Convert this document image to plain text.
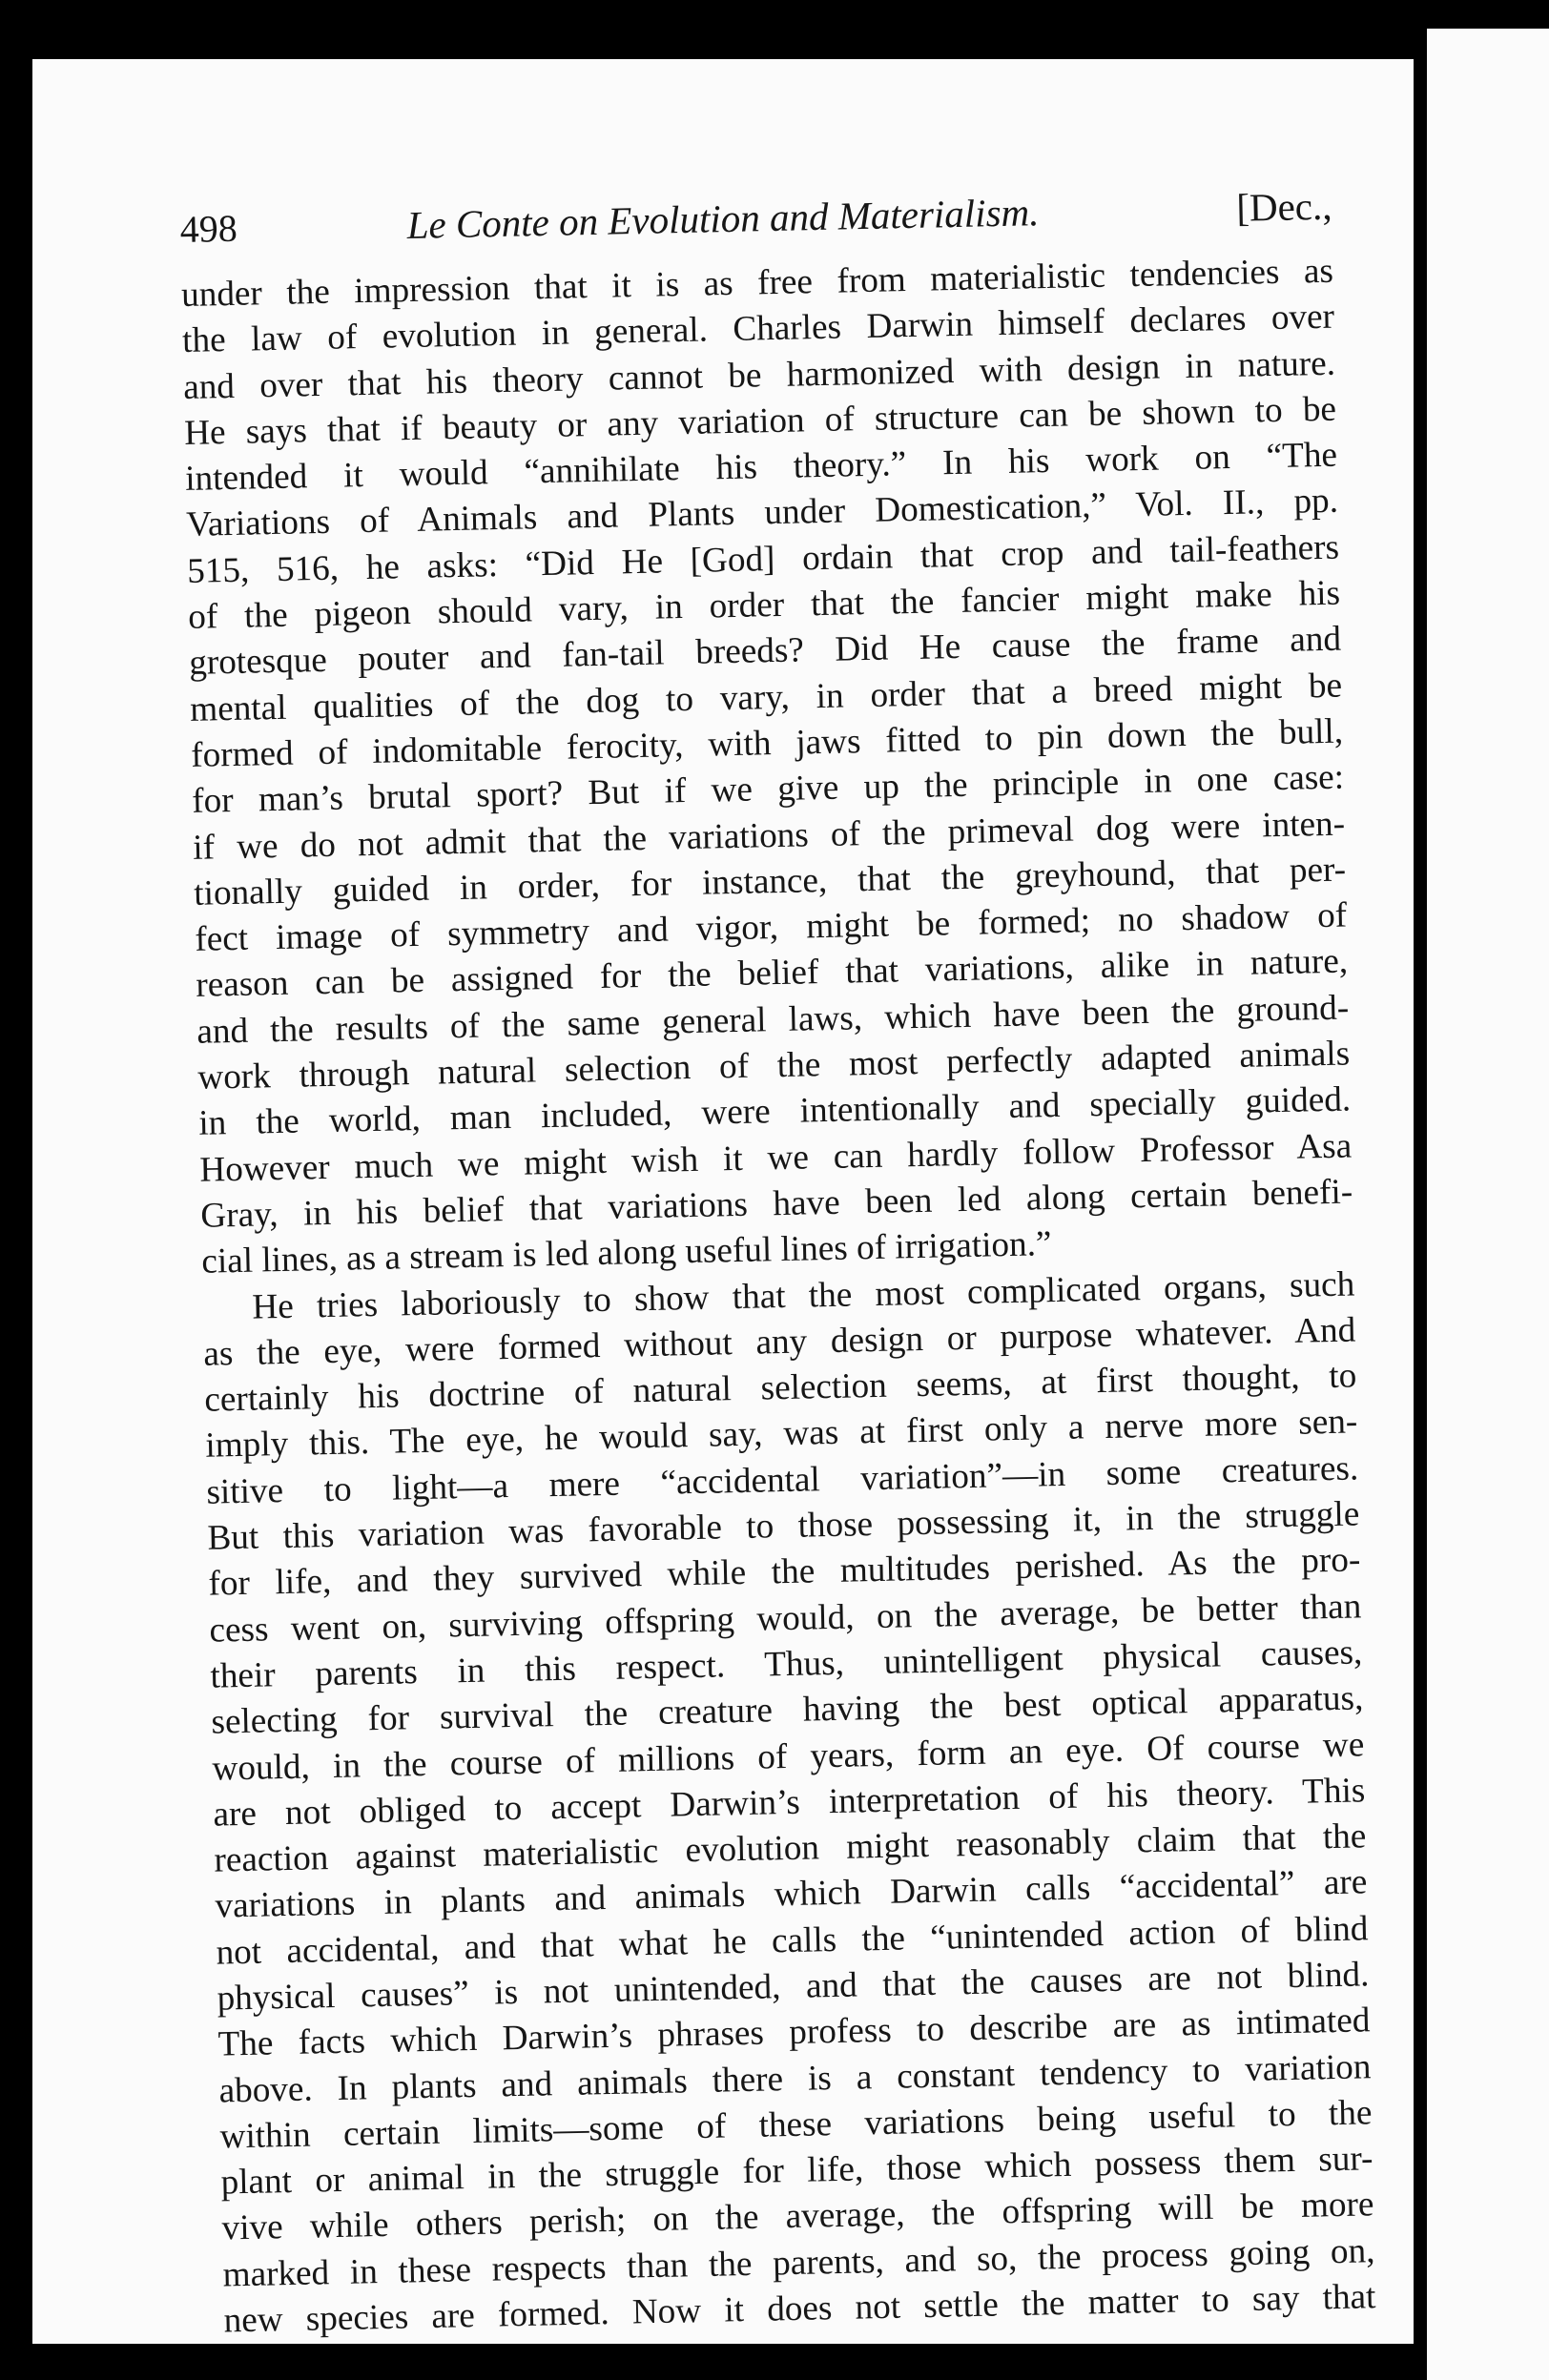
498	Le Conte on Evolution and Materialism.	[Dec.,
under the impression that it is as free from materialistic tendencies as
the law of evolution in general. Charles Darwin himself declares over
and over that his theory cannot be harmonized with design in nature.
He says that if beauty or any variation of structure can be shown to be
intended it would “annihilate his theory.” In his work on “The
Variations of Animals and Plants under Domestication,” Vol. II., pp.
515, 516, he asks: “Did He [God] ordain that crop and tail-feathers
of the pigeon should vary, in order that the fancier might make his
grotesque pouter and fan-tail breeds? Did He cause the frame and
mental qualities of the dog to vary, in order that a breed might be
formed of indomitable ferocity, with jaws fitted to pin down the bull,
for man’s brutal sport? But if we give up the principle in one case:
if we do not admit that the variations of the primeval dog were inten-
tionally guided in order, for instance, that the greyhound, that per-
fect image of symmetry and vigor, might be formed; no shadow of
reason can be assigned for the belief that variations, alike in nature,
and the results of the same general laws, which have been the ground-
work through natural selection of the most perfectly adapted animals
in the world, man included, were intentionally and specially guided.
However much we might wish it we can hardly follow Professor Asa
Gray, in his belief that variations have been led along certain benefi-
cial lines, as a stream is led along useful lines of irrigation.”
He tries laboriously to show that the most complicated organs, such
as the eye, were formed without any design or purpose whatever. And
certainly his doctrine of natural selection seems, at first thought, to
imply this. The eye, he would say, was at first only a nerve more sen-
sitive to light—a mere “accidental variation”—in some creatures.
But this variation was favorable to those possessing it, in the struggle
for life, and they survived while the multitudes perished. As the pro-
cess went on, surviving offspring would, on the average, be better than
their parents in this respect. Thus, unintelligent physical causes,
selecting for survival the creature having the best optical apparatus,
would, in the course of millions of years, form an eye. Of course we
are not obliged to accept Darwin’s interpretation of his theory. This
reaction against materialistic evolution might reasonably claim that the
variations in plants and animals which Darwin calls “accidental” are
not accidental, and that what he calls the “unintended action of blind
physical causes” is not unintended, and that the causes are not blind.
The facts which Darwin’s phrases profess to describe are as intimated
above. In plants and animals there is a constant tendency to variation
within certain limits—some of these variations being useful to the
plant or animal in the struggle for life, those which possess them sur-
vive while others perish; on the average, the offspring will be more
marked in these respects than the parents, and so, the process going on,
new species are formed. Now it does not settle the matter to say that
